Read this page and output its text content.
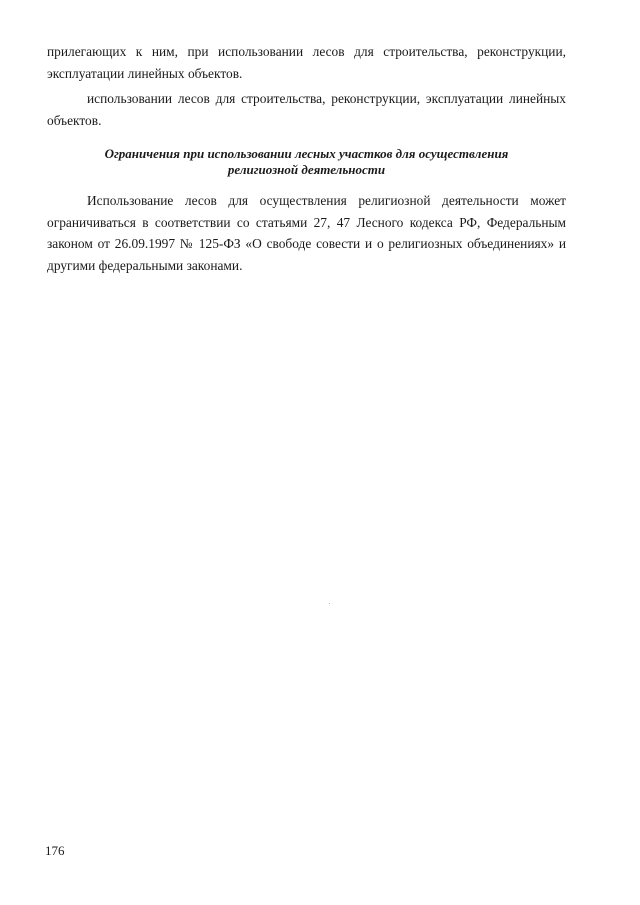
прилегающих к ним, при использовании лесов для строительства, реконструкции, эксплуатации линейных объектов.

использовании лесов для строительства, реконструкции, эксплуатации линейных объектов.

Ограничения при использовании лесных участков для осуществления
религиозной деятельности

Использование лесов для осуществления религиозной деятельности может ограничиваться в соответствии со статьями 27, 47 Лесного кодекса РФ, Федеральным законом от 26.09.1997 № 125-ФЗ «О свободе совести и о религиозных объединениях» и другими федеральными законами.

176
